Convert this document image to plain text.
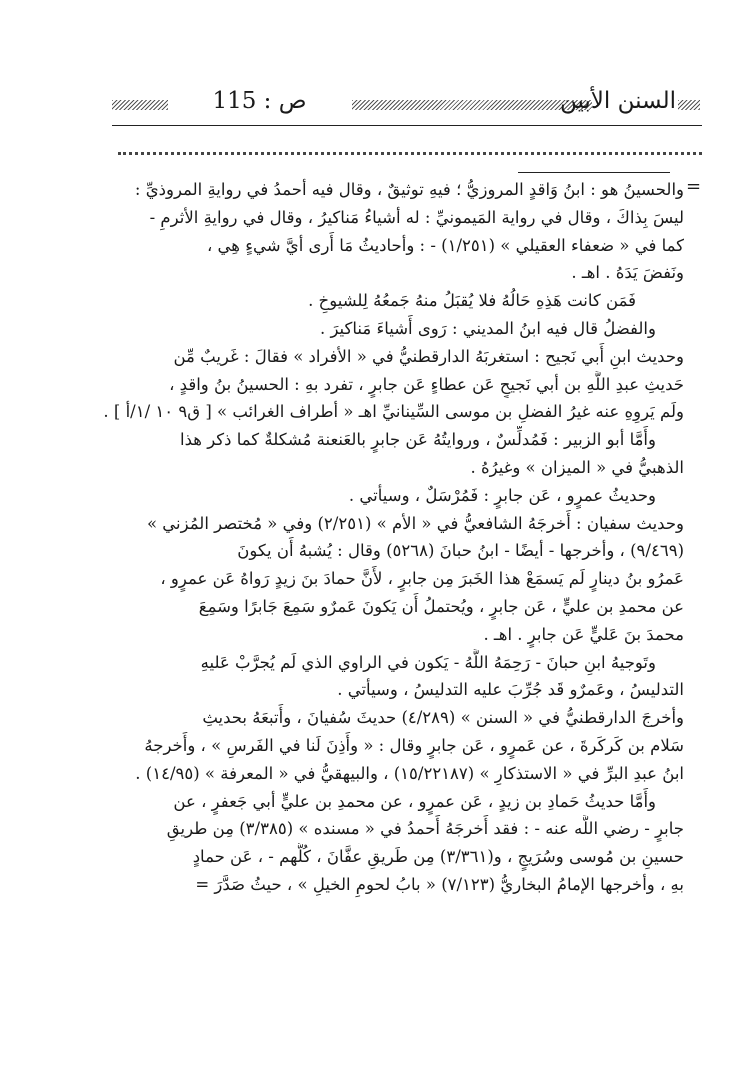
ص : 115	السنن الأبين
=
والحسينُ هو : ابنُ وَاقدٍ المروزيُّ ؛ فيهِ توثيقٌ ، وقال فيه أحمدُ في روايةِ المروذيِّ :
ليسَ بِذاكَ ، وقال في رواية المَيمونيِّ : له أشياءُ مَناكيرُ ، وقال في روايةِ الأثرمِ -
كما في « ضعفاء العقيلي » (١/٢٥١) - : وأحاديثُ مَا أَرى أيَّ شيءٍ هِي ،
ونَفضَ يَدَهُ . اهـ .
فَمَن كانت هَذِهِ حَالُهُ فلا يُقبَلُ منهُ جَمعُهُ لِلشيوخِ .
والفضلُ قال فيه ابنُ المديني : رَوى أَشياءَ مَناكيرَ .
وحديث ابنِ أَبي نَجيح : استغربَهُ الدارقطنيُّ في « الأفراد » فقالَ : غَريبٌ مِّن
حَديثِ عبدِ اللَّهِ بن أبي نَجيحٍ عَن عطاءٍ عَن جابرٍ ، تفرد بهِ : الحسينُ بنُ واقدٍ ،
ولَم يَروِهِ عنه غيرُ الفضلِ بن موسى السِّينانيِّ اهـ « أطراف الغرائب » [ ق٩ ١٠ /١/أ ] .
وأَمَّا أبو الزبير : فَمُدلِّسٌ ، وروايتُهُ عَن جابرٍ بالعَنعنة مُشكلةٌ كما ذكر هذا
الذهبيُّ في « الميزان » وغيرُهُ .
وحديثُ عمرٍو ، عَن جابرٍ : فَمُرْسَلٌ ، وسيأتي .
وحديث سفيان : أَخرجَهُ الشافعيُّ في « الأم » (٢/٢٥١) وفي « مُختصر المُزني »
(٩/٤٦٩) ، وأخرجها - أيضًا - ابنُ حبانَ (٥٢٦٨) وقال : يُشبهُ أَن يكونَ
عَمرُو بنُ دينارٍ لَم يَسمَعْ هذا الخَبرَ مِن جابرٍ ، لأَنَّ حمادَ بنَ زيدٍ رَواهُ عَن عمرٍو ،
عن محمدِ بن عليٍّ ، عَن جابرٍ ، ويُحتملُ أَن يَكونَ عَمرٌو سَمِعَ جَابرًا وسَمِعَ
محمدَ بنَ عَليٍّ عَن جابرٍ . اهـ .
وتَوجيهُ ابنِ حبانَ - رَحِمَهُ اللَّهُ - يَكون في الراوي الذي لَم يُجرَّبْ عَليهِ
التدليسُ ، وعَمرٌو قَد جُرِّبَ عليه التدليسُ ، وسيأتي .
وأخرجَ الدارقطنيُّ في « السنن » (٤/٢٨٩) حديثَ سُفيانَ ، وأَتبعَهُ بحديثِ
سَلام بن كَركَرةَ ، عن عَمرٍو ، عَن جابرٍ وقال : « وأَذِنَ لَنا في الفَرسِ » ، وأَخرجهُ
ابنُ عبدِ البرِّ في « الاستذكارِ » (١٥/٢٢١٨٧) ، والبيهقيُّ في « المعرفة » (١٤/٩٥) .
وأَمَّا حديثُ حَمادِ بن زيدٍ ، عَن عمرٍو ، عن محمدِ بن عليٍّ أبي جَعفرٍ ، عن
جابرٍ - رضي اللَّه عنه - : فقد أَخرجَهُ أَحمدُ في « مسنده » (٣/٣٨٥) مِن طريقِ
حسينِ بن مُوسى وسُرَيجٍ ، و(٣/٣٦١) مِن طَريقِ عفَّانَ ، كُلُّهم - ، عَن حمادٍ
بهِ ، وأخرجها الإمامُ البخاريُّ (٧/١٢٣) « بابُ لحومِ الخيلِ » ، حيثُ صَدَّرَ =
